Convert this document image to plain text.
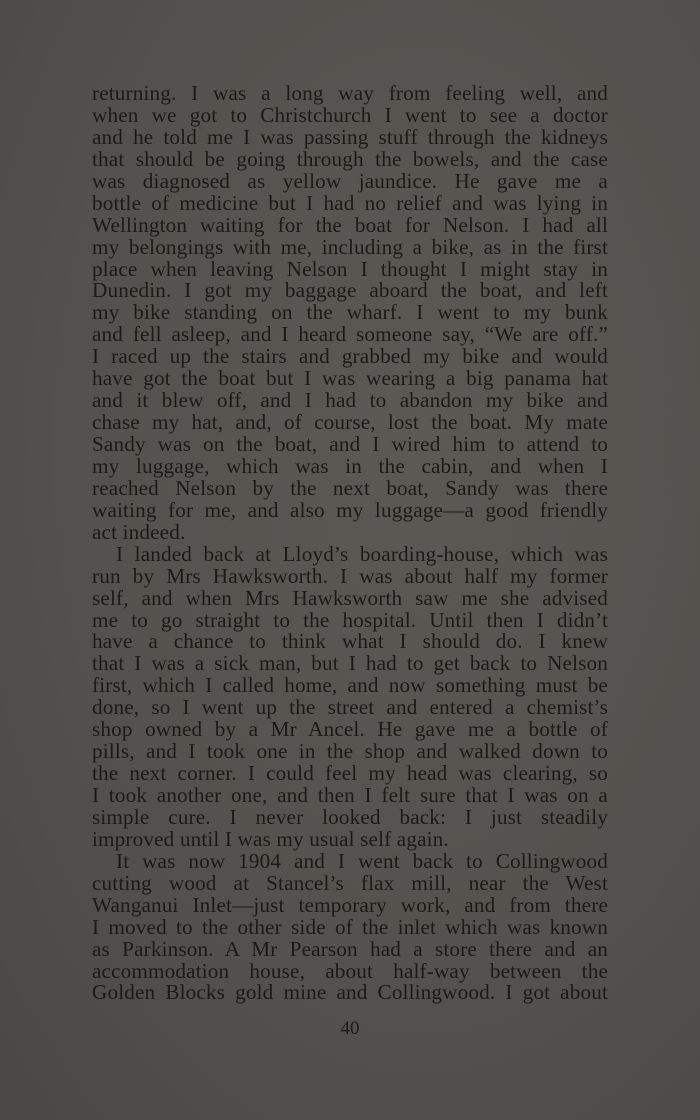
returning. I was a long way from feeling well, and
when we got to Christchurch I went to see a doctor
and he told me I was passing stuff through the kidneys
that should be going through the bowels, and the case
was diagnosed as yellow jaundice. He gave me a
bottle of medicine but I had no relief and was lying in
Wellington waiting for the boat for Nelson. I had all
my belongings with me, including a bike, as in the first
place when leaving Nelson I thought I might stay in
Dunedin. I got my baggage aboard the boat, and left
my bike standing on the wharf. I went to my bunk
and fell asleep, and I heard someone say, “We are off.”
I raced up the stairs and grabbed my bike and would
have got the boat but I was wearing a big panama hat
and it blew off, and I had to abandon my bike and
chase my hat, and, of course, lost the boat. My mate
Sandy was on the boat, and I wired him to attend to
my luggage, which was in the cabin, and when I
reached Nelson by the next boat, Sandy was there
waiting for me, and also my luggage—a good friendly
act indeed.
I landed back at Lloyd’s boarding-house, which was
run by Mrs Hawksworth. I was about half my former
self, and when Mrs Hawksworth saw me she advised
me to go straight to the hospital. Until then I didn’t
have a chance to think what I should do. I knew
that I was a sick man, but I had to get back to Nelson
first, which I called home, and now something must be
done, so I went up the street and entered a chemist’s
shop owned by a Mr Ancel. He gave me a bottle of
pills, and I took one in the shop and walked down to
the next corner. I could feel my head was clearing, so
I took another one, and then I felt sure that I was on a
simple cure. I never looked back: I just steadily
improved until I was my usual self again.
It was now 1904 and I went back to Collingwood
cutting wood at Stancel’s flax mill, near the West
Wanganui Inlet—just temporary work, and from there
I moved to the other side of the inlet which was known
as Parkinson. A Mr Pearson had a store there and an
accommodation house, about half-way between the
Golden Blocks gold mine and Collingwood. I got about
40
